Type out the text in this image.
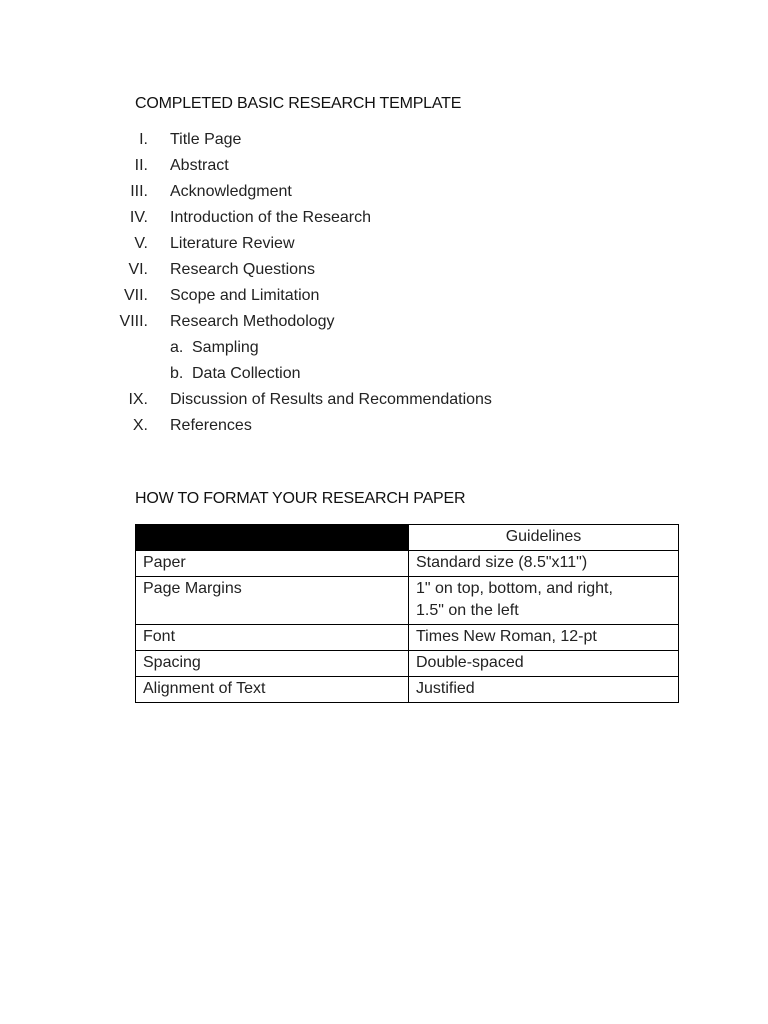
COMPLETED BASIC RESEARCH TEMPLATE
I. Title Page
II. Abstract
III. Acknowledgment
IV. Introduction of the Research
V. Literature Review
VI. Research Questions
VII. Scope and Limitation
VIII. Research Methodology
a. Sampling
b. Data Collection
IX. Discussion of Results and Recommendations
X. References
HOW TO FORMAT YOUR RESEARCH PAPER
	Guidelines
Paper	Standard size (8.5"x11")

Page Margins	1" on top, bottom, and right,
1.5" on the left

Font	Times New Roman, 12-pt

Spacing	Double-spaced

Alignment of Text	Justified
